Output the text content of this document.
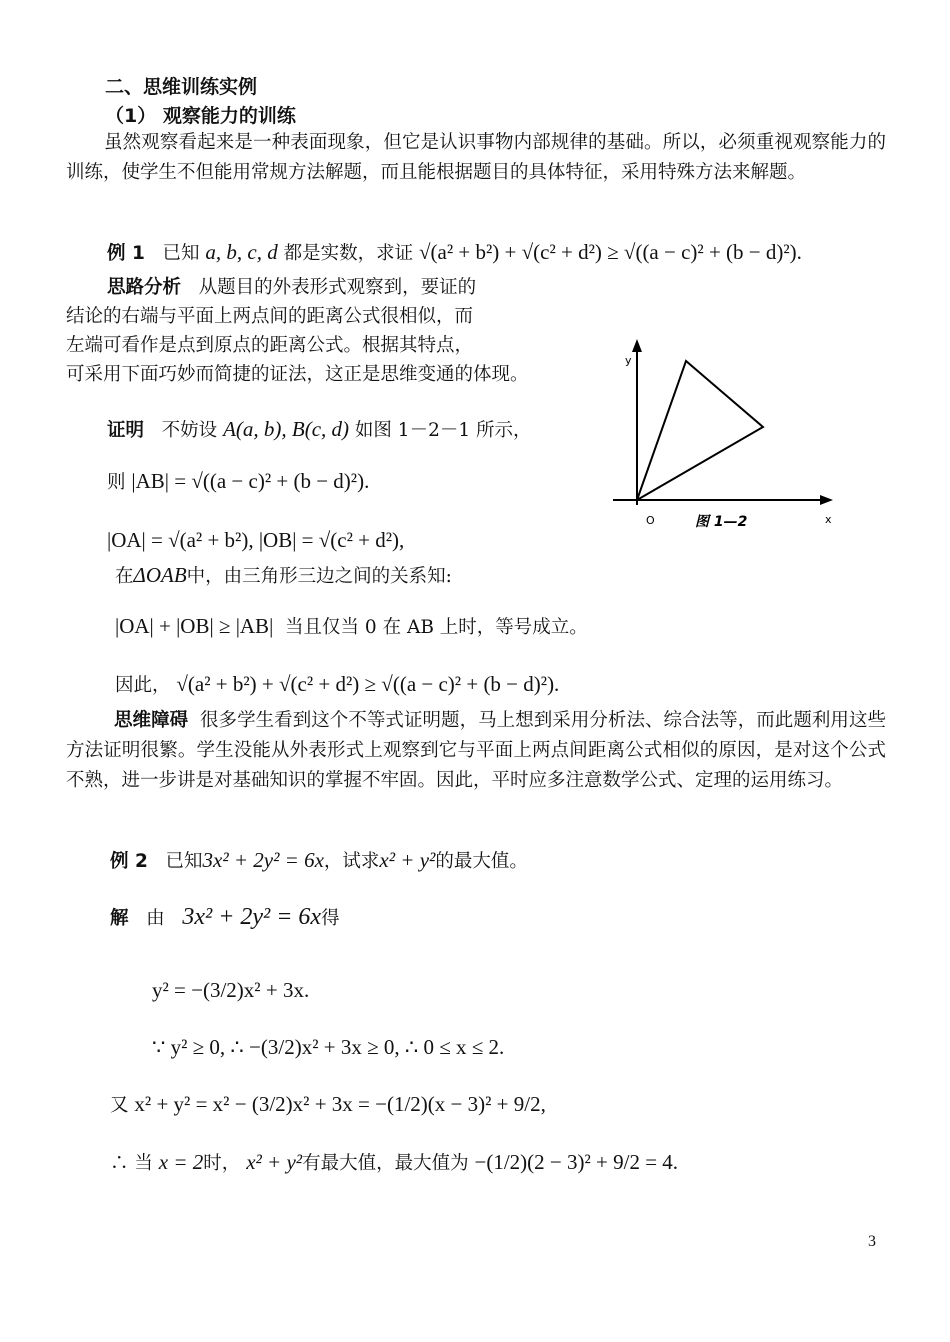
二、思维训练实例
（1） 观察能力的训练
虽然观察看起来是一种表面现象，但它是认识事物内部规律的基础。所以，必须重视观察能力的训练，使学生不但能用常规方法解题，而且能根据题目的具体特征，采用特殊方法来解题。
例 1 已知 a, b, c, d 都是实数，求证 √(a² + b²) + √(c² + d²) ≥ √((a − c)² + (b − d)²).
思路分析 从题目的外表形式观察到，要证的
结论的右端与平面上两点间的距离公式很相似，而
左端可看作是点到原点的距离公式。根据其特点，
可采用下面巧妙而简捷的证法，这正是思维变通的体现。
y
x
O	图 1—2
证明 不妨设 A(a, b), B(c, d) 如图 1－2－1 所示，
则 |AB| = √((a − c)² + (b − d)²).
|OA| = √(a² + b²), |OB| = √(c² + d²),
在ΔOAB中，由三角形三边之间的关系知:
|OA| + |OB| ≥ |AB| 当且仅当 0 在 AB 上时，等号成立。
因此， √(a² + b²) + √(c² + d²) ≥ √((a − c)² + (b − d)²).
思维障碍 很多学生看到这个不等式证明题，马上想到采用分析法、综合法等，而此题利用这些方法证明很繁。学生没能从外表形式上观察到它与平面上两点间距离公式相似的原因，是对这个公式不熟，进一步讲是对基础知识的掌握不牢固。因此，平时应多注意数学公式、定理的运用练习。
例 2 已知3x² + 2y² = 6x，试求x² + y²的最大值。
解 由 3x² + 2y² = 6x得
y² = −(3/2)x² + 3x.
∵ y² ≥ 0, ∴ −(3/2)x² + 3x ≥ 0, ∴ 0 ≤ x ≤ 2.
又 x² + y² = x² − (3/2)x² + 3x = −(1/2)(x − 3)² + 9/2,
∴ 当 x = 2时， x² + y²有最大值，最大值为 −(1/2)(2 − 3)² + 9/2 = 4.
3
